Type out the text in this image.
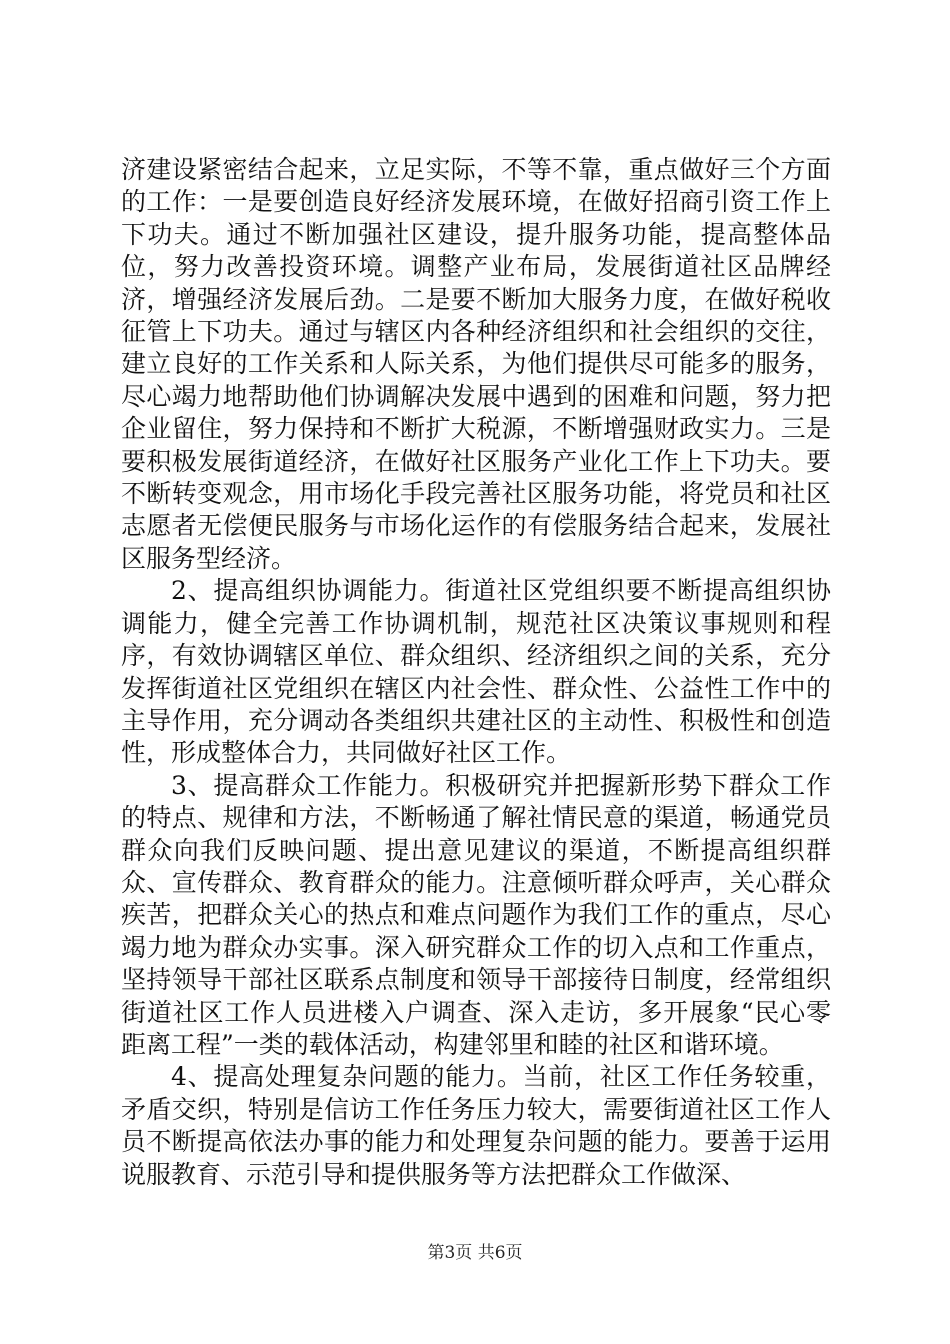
济建设紧密结合起来，立足实际，不等不靠，重点做好三个方面的工作：一是要创造良好经济发展环境，在做好招商引资工作上下功夫。通过不断加强社区建设，提升服务功能，提高整体品位，努力改善投资环境。调整产业布局，发展街道社区品牌经济，增强经济发展后劲。二是要不断加大服务力度，在做好税收征管上下功夫。通过与辖区内各种经济组织和社会组织的交往，建立良好的工作关系和人际关系，为他们提供尽可能多的服务，尽心竭力地帮助他们协调解决发展中遇到的困难和问题，努力把企业留住，努力保持和不断扩大税源，不断增强财政实力。三是要积极发展街道经济，在做好社区服务产业化工作上下功夫。要不断转变观念，用市场化手段完善社区服务功能，将党员和社区志愿者无偿便民服务与市场化运作的有偿服务结合起来，发展社区服务型经济。

2、提高组织协调能力。街道社区党组织要不断提高组织协调能力，健全完善工作协调机制，规范社区决策议事规则和程序，有效协调辖区单位、群众组织、经济组织之间的关系，充分发挥街道社区党组织在辖区内社会性、群众性、公益性工作中的主导作用，充分调动各类组织共建社区的主动性、积极性和创造性，形成整体合力，共同做好社区工作。

3、提高群众工作能力。积极研究并把握新形势下群众工作的特点、规律和方法，不断畅通了解社情民意的渠道，畅通党员群众向我们反映问题、提出意见建议的渠道，不断提高组织群众、宣传群众、教育群众的能力。注意倾听群众呼声，关心群众疾苦，把群众关心的热点和难点问题作为我们工作的重点，尽心竭力地为群众办实事。深入研究群众工作的切入点和工作重点，坚持领导干部社区联系点制度和领导干部接待日制度，经常组织街道社区工作人员进楼入户调查、深入走访，多开展象“民心零距离工程”一类的载体活动，构建邻里和睦的社区和谐环境。

4、提高处理复杂问题的能力。当前，社区工作任务较重，矛盾交织，特别是信访工作任务压力较大，需要街道社区工作人员不断提高依法办事的能力和处理复杂问题的能力。要善于运用说服教育、示范引导和提供服务等方法把群众工作做深、

第3页 共6页
